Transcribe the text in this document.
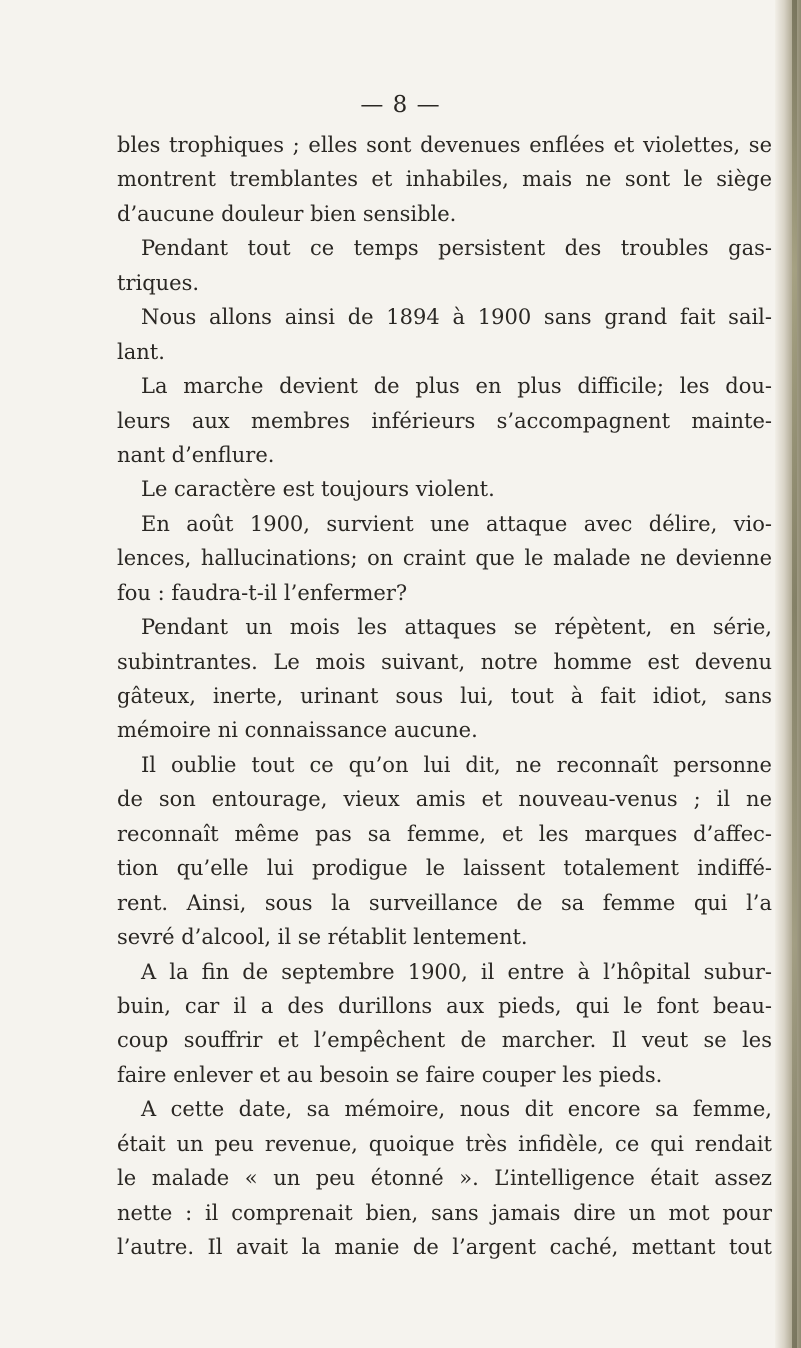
— 8 —
bles trophiques ; elles sont devenues enflées et violettes, se
montrent tremblantes et inhabiles, mais ne sont le siège
d’aucune douleur bien sensible.
Pendant tout ce temps persistent des troubles gas-
triques.
Nous allons ainsi de 1894 à 1900 sans grand fait sail-
lant.
La marche devient de plus en plus difficile; les dou-
leurs aux membres inférieurs s’accompagnent mainte-
nant d’enflure.
Le caractère est toujours violent.
En août 1900, survient une attaque avec délire, vio-
lences, hallucinations; on craint que le malade ne devienne
fou : faudra-t-il l’enfermer?
Pendant un mois les attaques se répètent, en série,
subintrantes. Le mois suivant, notre homme est devenu
gâteux, inerte, urinant sous lui, tout à fait idiot, sans
mémoire ni connaissance aucune.
Il oublie tout ce qu’on lui dit, ne reconnaît personne
de son entourage, vieux amis et nouveau-venus ; il ne
reconnaît même pas sa femme, et les marques d’affec-
tion qu’elle lui prodigue le laissent totalement indiffé-
rent. Ainsi, sous la surveillance de sa femme qui l’a
sevré d’alcool, il se rétablit lentement.
A la fin de septembre 1900, il entre à l’hôpital subur-
buin, car il a des durillons aux pieds, qui le font beau-
coup souffrir et l’empêchent de marcher. Il veut se les
faire enlever et au besoin se faire couper les pieds.
A cette date, sa mémoire, nous dit encore sa femme,
était un peu revenue, quoique très infidèle, ce qui rendait
le malade « un peu étonné ». L’intelligence était assez
nette : il comprenait bien, sans jamais dire un mot pour
l’autre. Il avait la manie de l’argent caché, mettant tout
